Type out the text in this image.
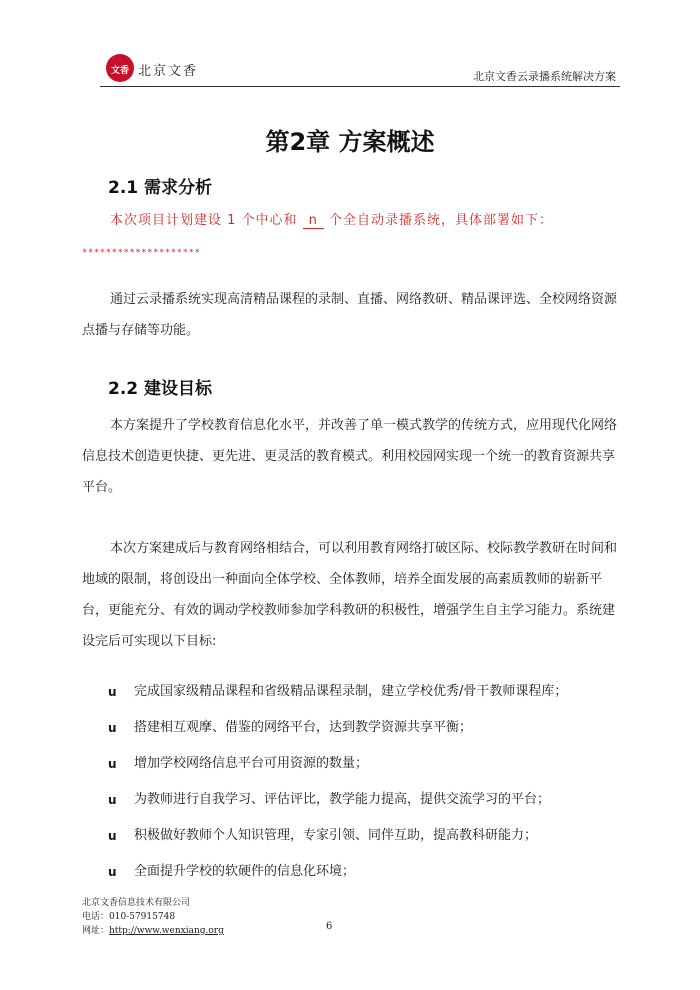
文香 北京文香	北京文香云录播系统解决方案
第2章 方案概述
2.1 需求分析
本次项目计划建设 1 个中心和 n 个全自动录播系统，具体部署如下：
********************
通过云录播系统实现高清精品课程的录制、直播、网络教研、精品课评选、全校网络资源点播与存储等功能。
2.2 建设目标
本方案提升了学校教育信息化水平，并改善了单一模式教学的传统方式，应用现代化网络信息技术创造更快捷、更先进、更灵活的教育模式。利用校园网实现一个统一的教育资源共享平台。
本次方案建成后与教育网络相结合，可以利用教育网络打破区际、校际教学教研在时间和地域的限制，将创设出一种面向全体学校、全体教师，培养全面发展的高素质教师的崭新平台，更能充分、有效的调动学校教师参加学科教研的积极性，增强学生自主学习能力。系统建设完后可实现以下目标:
u 完成国家级精品课程和省级精品课程录制，建立学校优秀/骨干教师课程库；
u 搭建相互观摩、借鉴的网络平台，达到教学资源共享平衡；
u 增加学校网络信息平台可用资源的数量；
u 为教师进行自我学习、评估评比，教学能力提高，提供交流学习的平台；
u 积极做好教师个人知识管理，专家引领、同伴互助，提高教科研能力；
u 全面提升学校的软硬件的信息化环境；
北京文香信息技术有限公司
电话：010-57915748
网址：http://www.wenxiang.org	6
